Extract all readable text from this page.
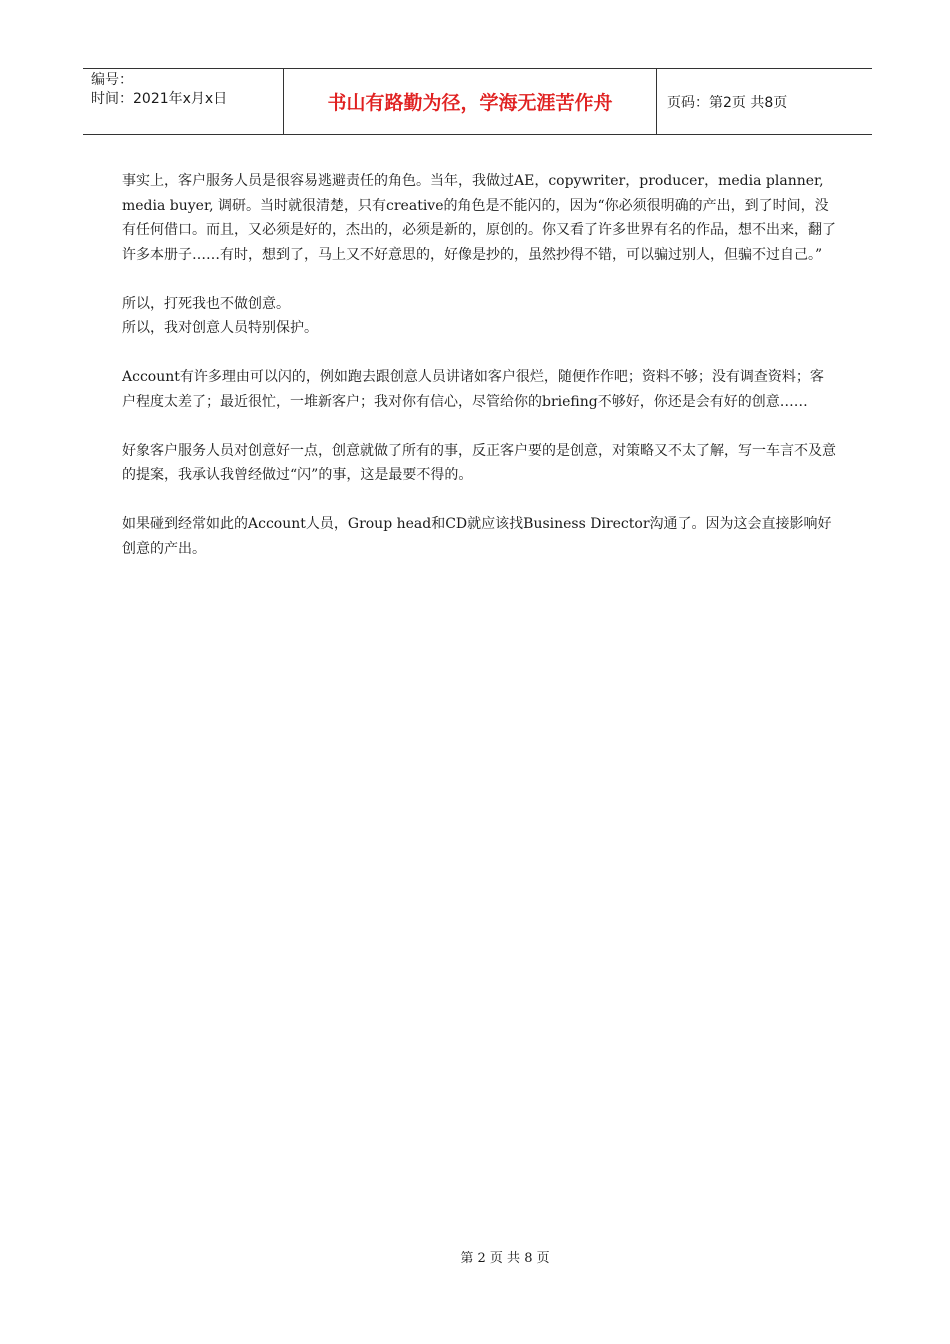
编号：
时间：2021年x月x日	书山有路勤为径，学海无涯苦作舟	页码：第2页 共8页

事实上，客户服务人员是很容易逃避责任的角色。当年，我做过AE，copywriter，producer，media planner, media buyer, 调研。当时就很清楚，只有creative的角色是不能闪的，因为“你必须很明确的产出，到了时间，没有任何借口。而且，又必须是好的，杰出的，必须是新的，原创的。你又看了许多世界有名的作品，想不出来，翻了许多本册子……有时，想到了，马上又不好意思的，好像是抄的，虽然抄得不错，可以骗过别人，但骗不过自己。”

所以，打死我也不做创意。

所以，我对创意人员特别保护。

Account有许多理由可以闪的，例如跑去跟创意人员讲诸如客户很烂，随便作作吧；资料不够；没有调查资料；客户程度太差了；最近很忙，一堆新客户；我对你有信心，尽管给你的briefing不够好，你还是会有好的创意……

好象客户服务人员对创意好一点，创意就做了所有的事，反正客户要的是创意，对策略又不太了解，写一车言不及意的提案，我承认我曾经做过“闪”的事，这是最要不得的。

如果碰到经常如此的Account人员，Group head和CD就应该找Business Director沟通了。因为这会直接影响好创意的产出。

第 2 页 共 8 页
